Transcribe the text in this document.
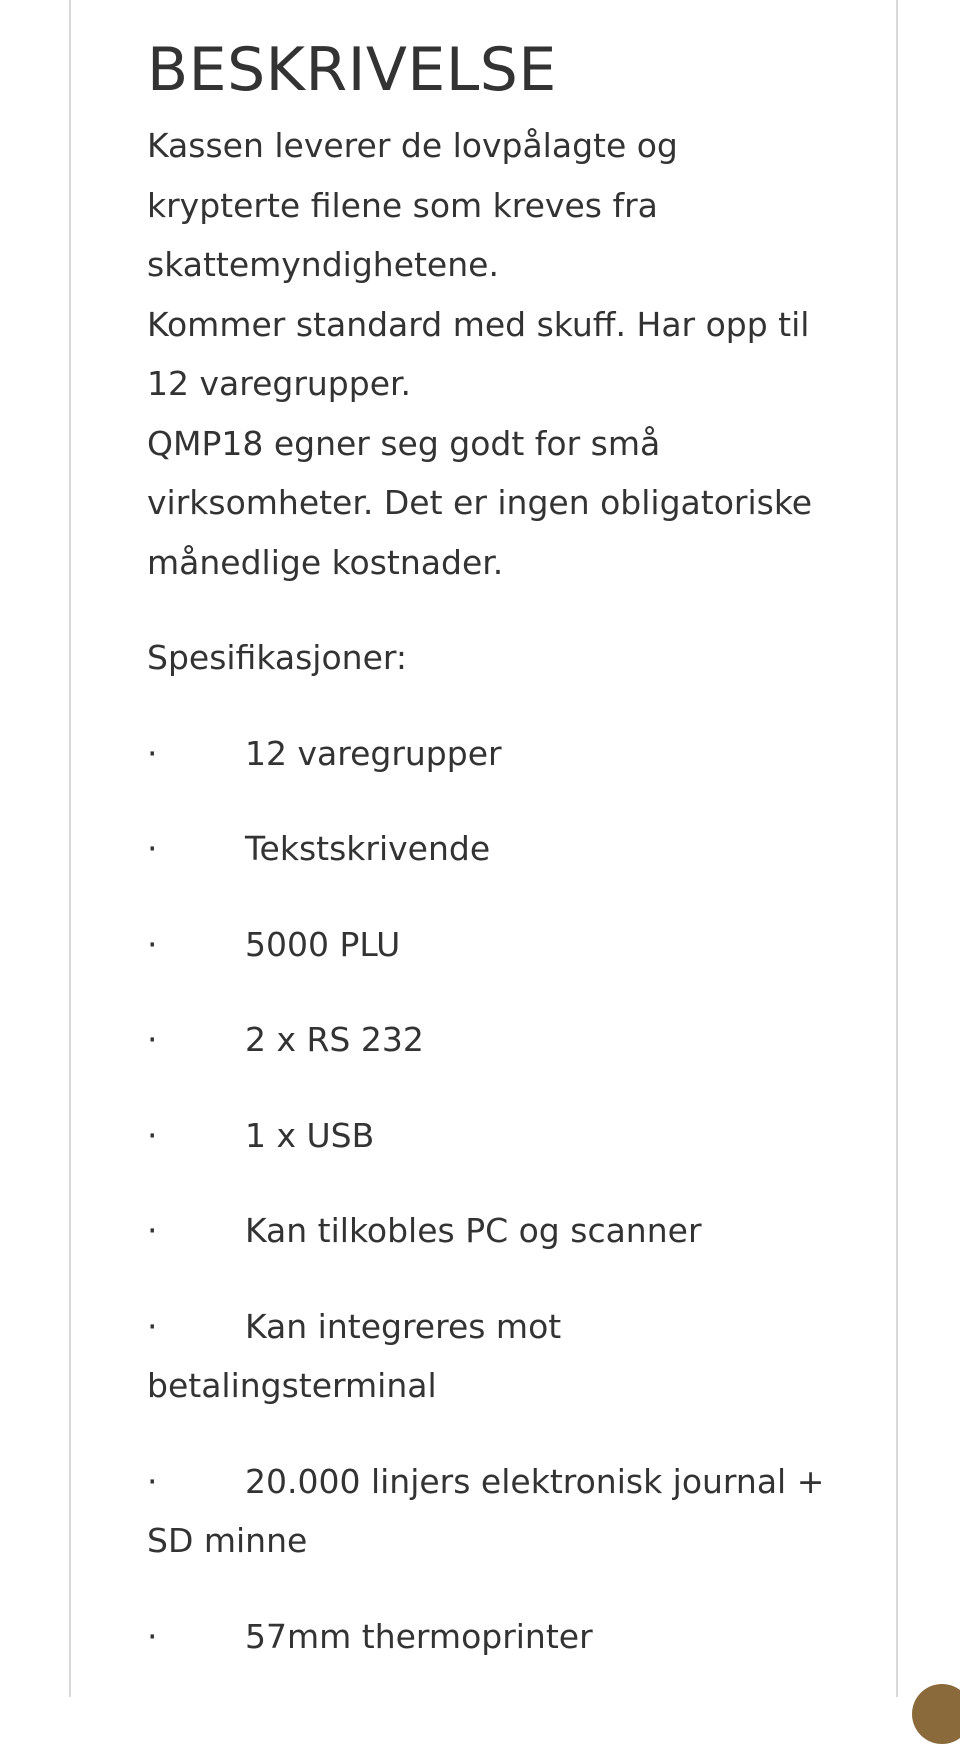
BESKRIVELSE

Kassen leverer de lovpålagte og krypterte filene som kreves fra skattemyndighetene.

Kommer standard med skuff. Har opp til 12 varegrupper.

QMP18 egner seg godt for små virksomheter. Det er ingen obligatoriske månedlige kostnader.

Spesifikasjoner:

·	12 varegrupper
·	Tekstskrivende
·	5000 PLU
·	2 x RS 232
·	1 x USB
·	Kan tilkobles PC og scanner
·	Kan integreres mot betalingsterminal
·	20.000 linjers elektronisk journal + SD minne
·	57mm thermoprinter
